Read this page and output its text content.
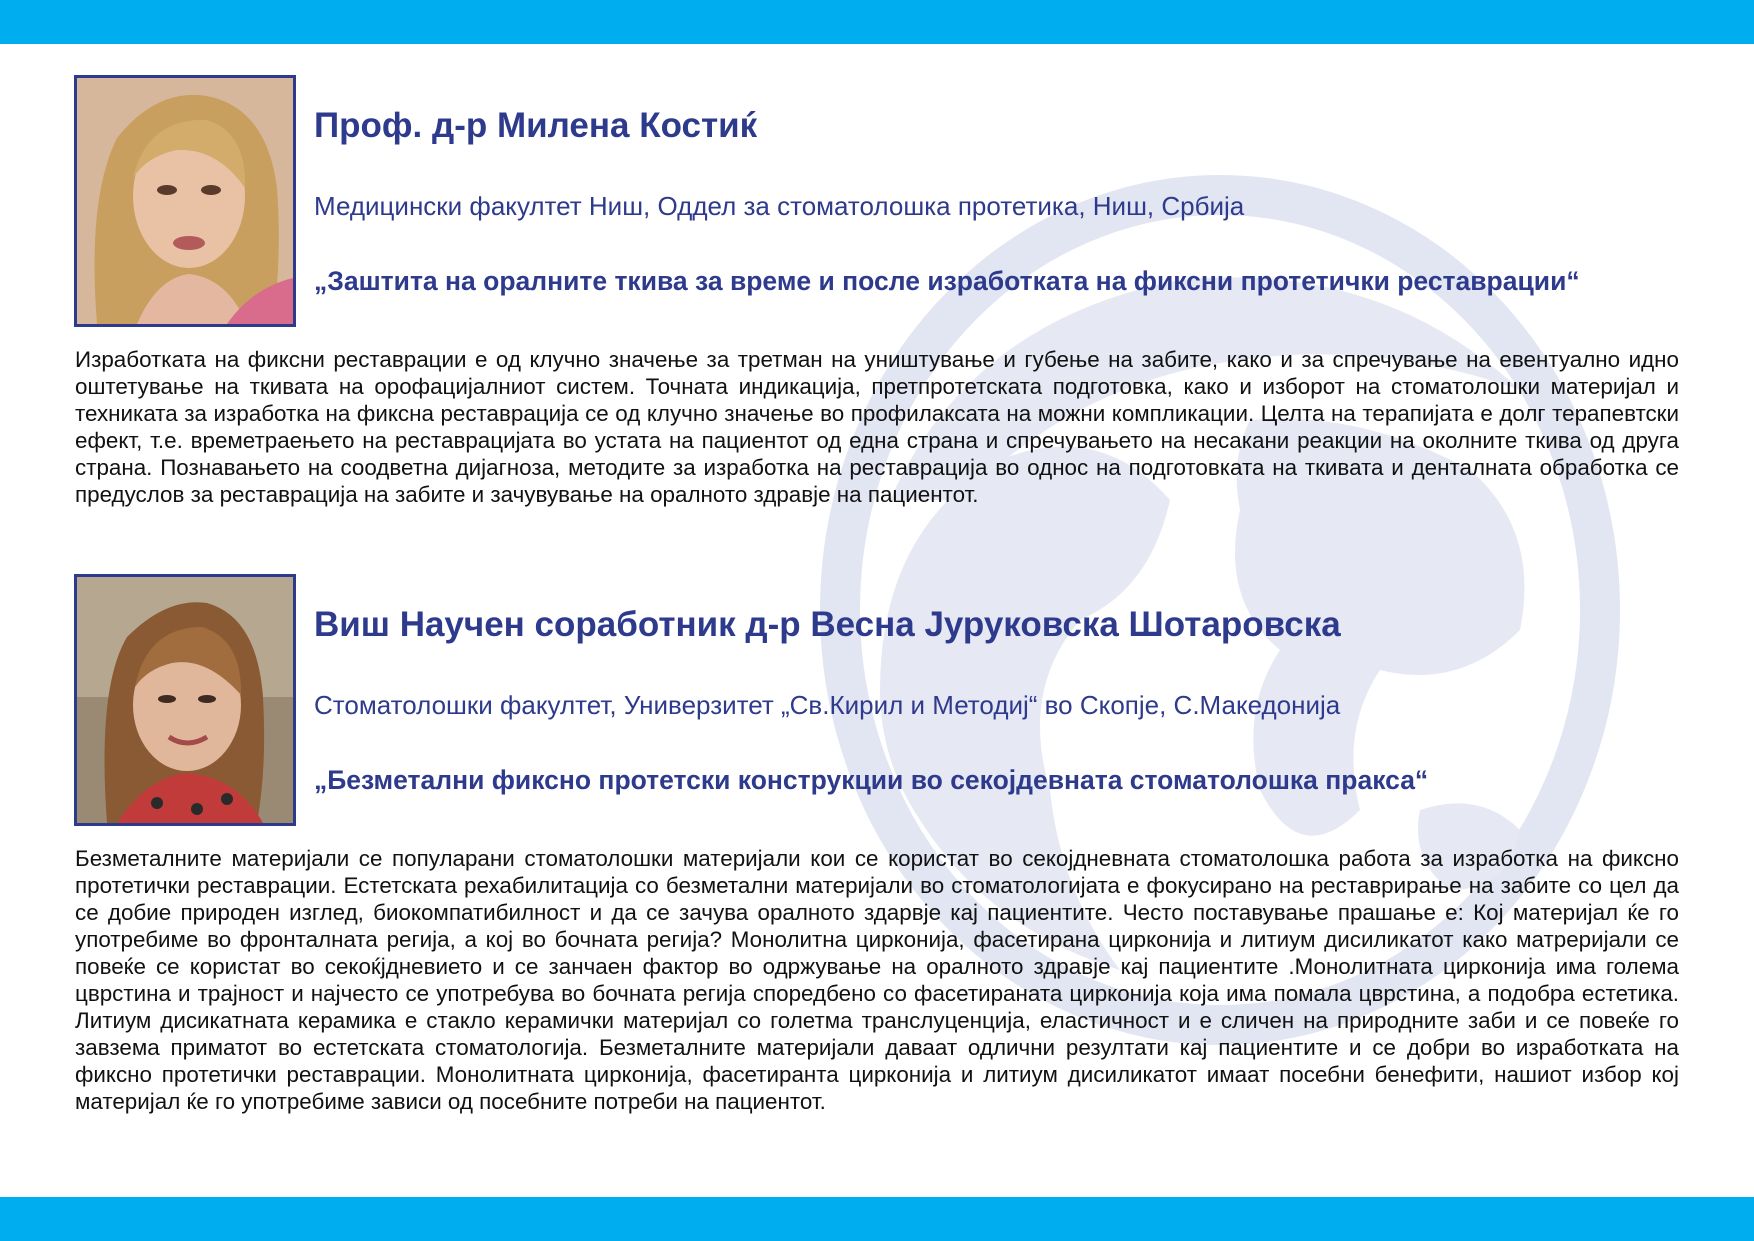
Проф. д-р Милена Костиќ

Медицински факултет Ниш, Оддел за стоматолошка протетика, Ниш, Србија

„Заштита на оралните ткива за време и после изработката на фиксни протетички реставрации“

Изработката на фиксни реставрации е од клучно значење за третман на уништување и губење на забите, како и за спречување на евентуално идно оштетување на ткивата на орофацијалниот систем. Точната индикација, претпротетската подготовка, како и изборот на стоматолошки материјал и техниката за изработка на фиксна реставрација се од клучно значење во профилаксата на можни компликации. Целта на терапијата е долг терапевтски ефект, т.е. времетраењето на реставрацијата во устата на пациентот од една страна и спречувањето на несакани реакции на околните ткива од друга страна. Познавањето на соодветна дијагноза, методите за изработка на реставрација во однос на подготовката на ткивата и денталната обработка се предуслов за реставрација на забите и зачувување на оралното здравје на пациентот.

Виш Научен соработник д-р Весна Јуруковска Шотаровска

Стоматолошки факултет, Универзитет „Св.Кирил и Методиј“ во Скопје, С.Македонија

„Безметални фиксно протетски конструкции во секојдевната стоматолошка пракса“

Безметалните материјали се популарани стоматолошки материјали кои се користат во секојдневната стоматолошка работа за изработка на фиксно протетички реставрации. Естетската рехабилитација со безметални материјали во стоматологијата е фокусирано на реставрирање на забите со цел да се добие природен изглед, биокомпатибилност и да се зачува оралното здарвје кај пациентите. Често поставување прашање е: Кој материјал ќе го употребиме во фронталната регија, а кој во бочната регија? Монолитна цирконија, фасетирана цирконија и литиум дисиликатот како матреријали се повеќе се користат во секоќјдневието и се занчаен фактор во одржување на оралното здравје кај пациентите .Монолитната цирконија има голема цврстина и трајност и најчесто се употребува во бочната регија споредбено со фасетираната цирконија која има помала цврстина, а подобра естетика. Литиум дисикатната керамика е стакло керамички материјал со голетма транслуценција, еластичност и е сличен на природните заби и се повеќе го завзема приматот во естетската стоматологија. Безметалните материјали даваат одлични резултати кај пациентите и се добри во изработката на фиксно протетички реставрации. Монолитната цирконија, фасетиранта цирконија и литиум дисиликатот имаат посебни бенефити, нашиот избор кој материјал ќе го употребиме зависи од посебните потреби на пациентот.
